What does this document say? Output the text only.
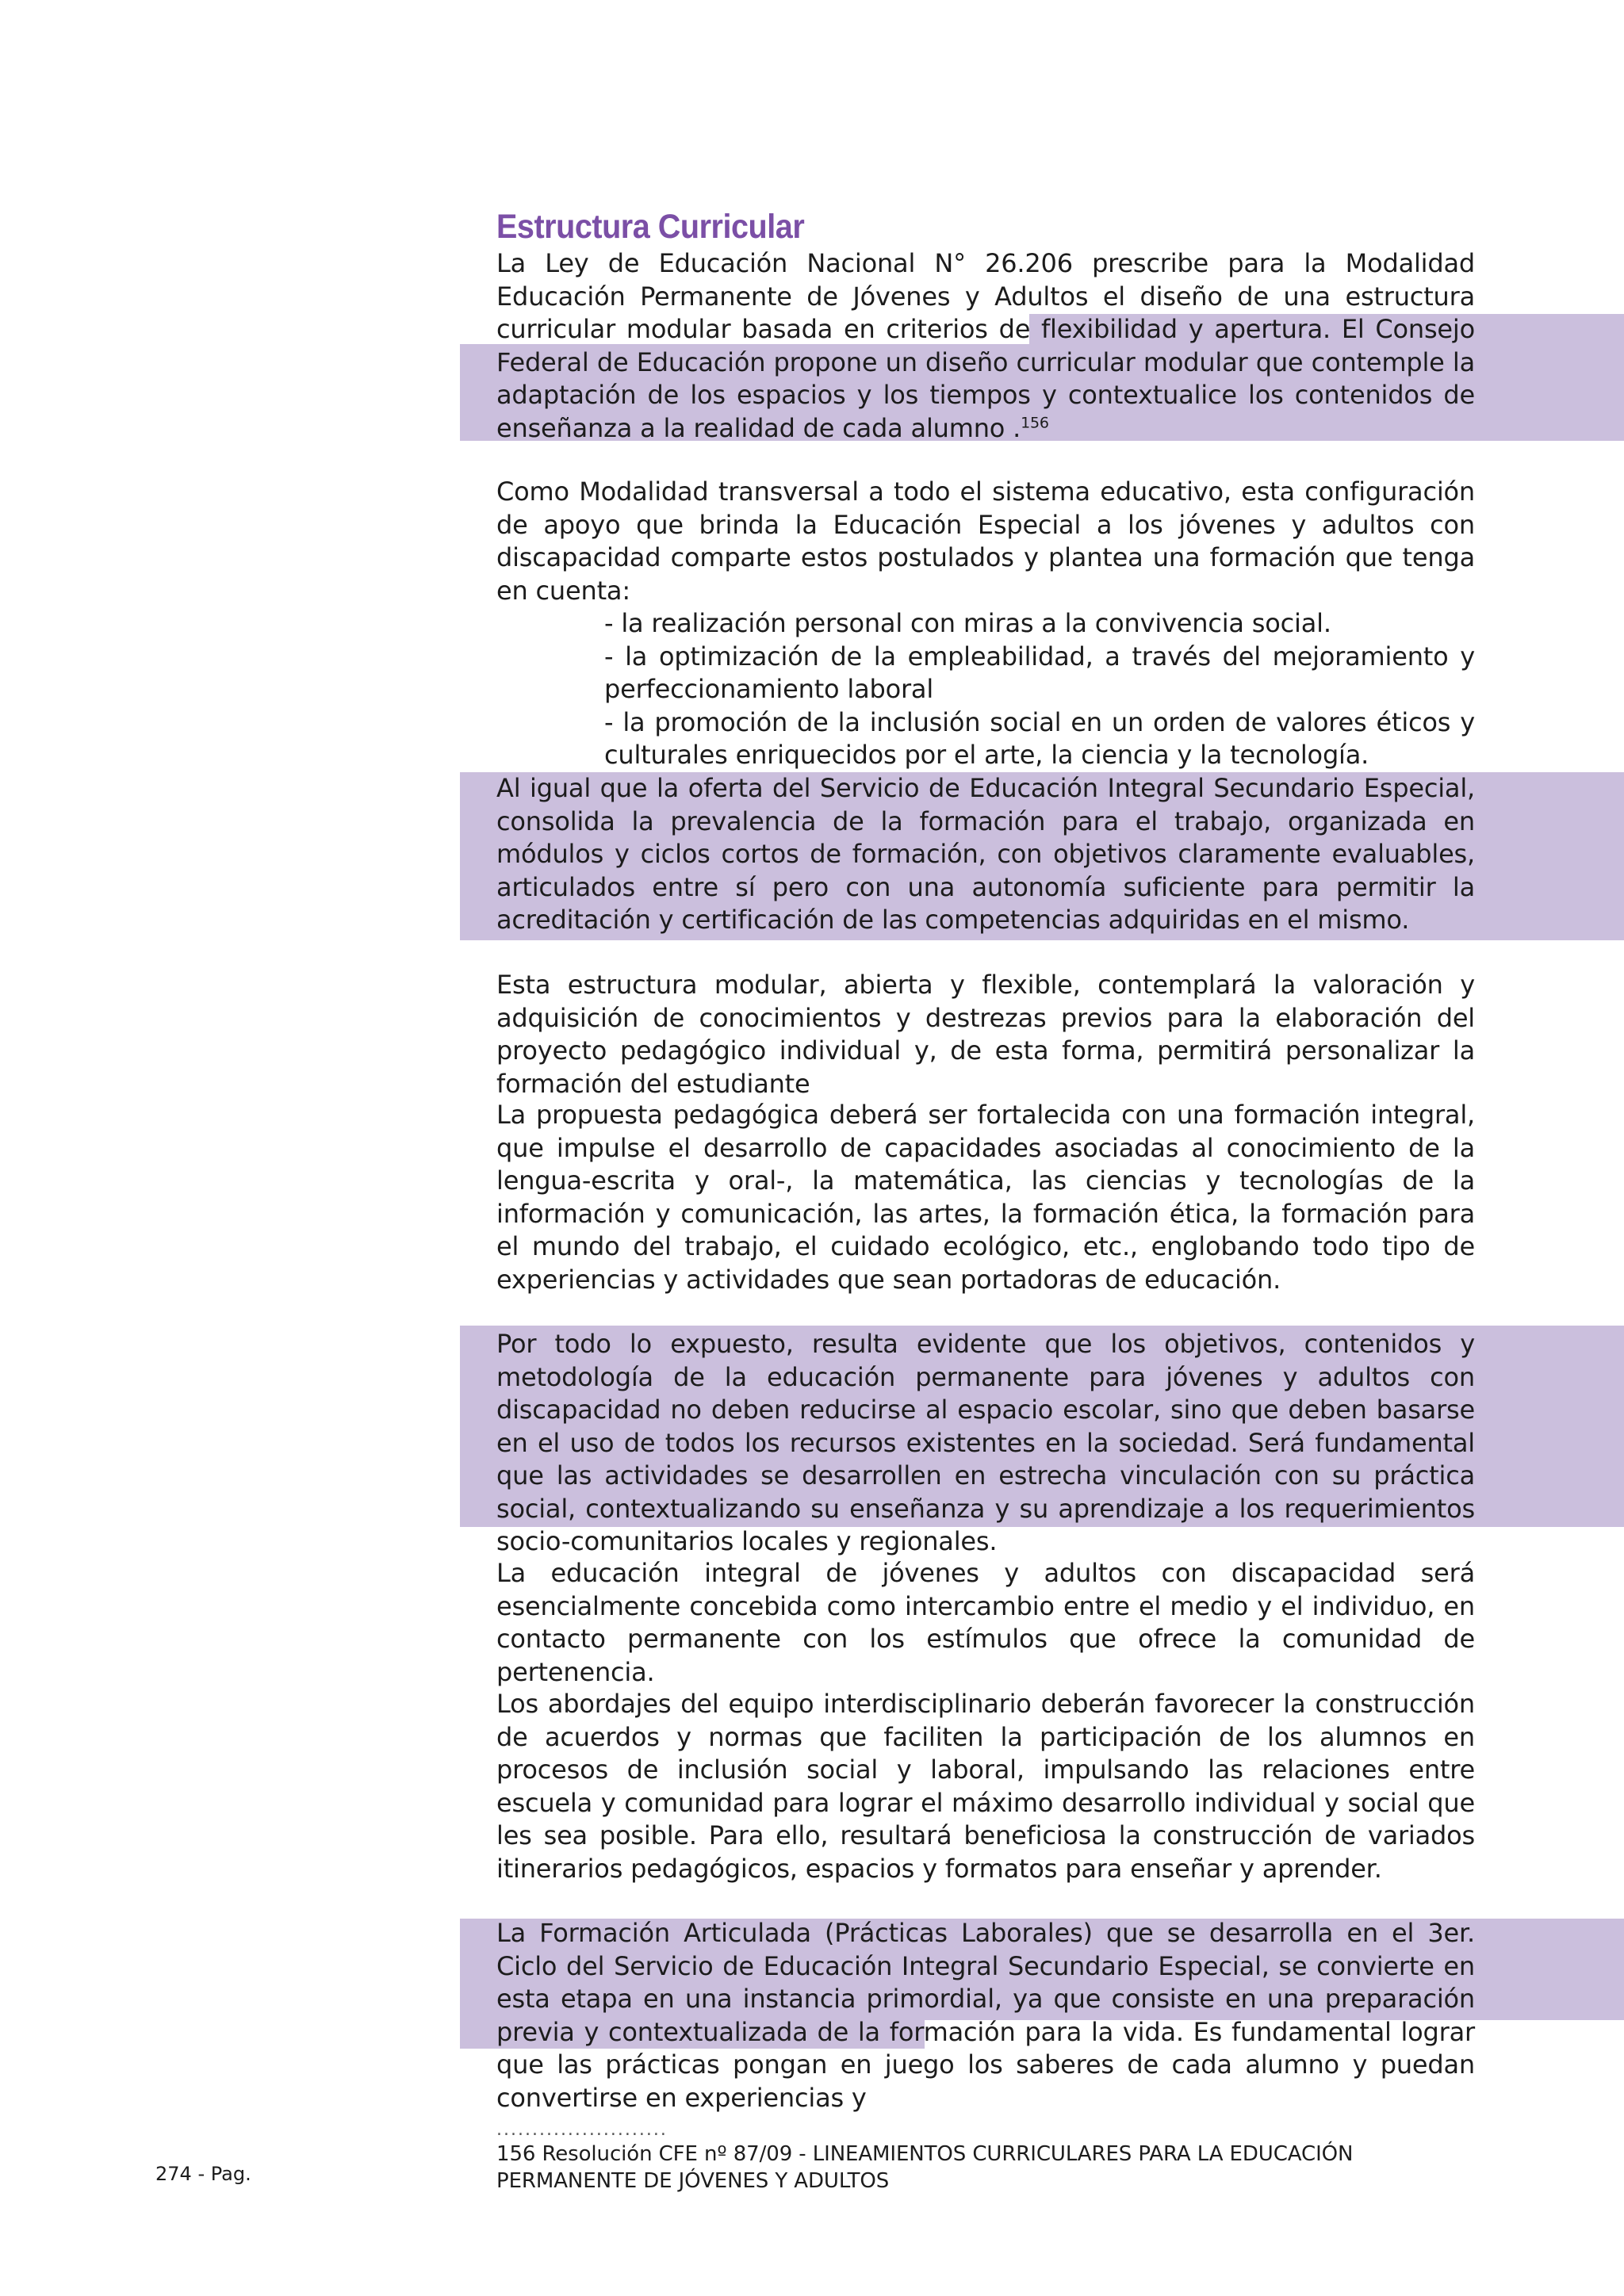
Estructura Curricular

La Ley de Educación Nacional N° 26.206 prescribe para la Modalidad Educación Permanente de Jóvenes y Adultos el diseño de una estructura curricular modular basada en criterios de flexibilidad y apertura. El Consejo Federal de Educación propone un diseño curricular modular que contemple la adaptación de los espacios y los tiempos y contextualice los contenidos de enseñanza a la realidad de cada alumno .$^{156}$

Como Modalidad transversal a todo el sistema educativo, esta configuración de apoyo que brinda la Educación Especial a los jóvenes y adultos con discapacidad comparte estos postulados y plantea una formación que tenga en cuenta:

- la realización personal con miras a la convivencia social.

- la optimización de la empleabilidad, a través del mejoramiento y perfeccionamiento laboral

- la promoción de la inclusión social en un orden de valores éticos y culturales enriquecidos por el arte, la ciencia y la tecnología.

Al igual que la oferta del Servicio de Educación Integral Secundario Especial, consolida la prevalencia de la formación para el trabajo, organizada en módulos y ciclos cortos de formación, con objetivos claramente evaluables, articulados entre sí pero con una autonomía suficiente para permitir la acreditación y certificación de las competencias adquiridas en el mismo.

Esta estructura modular, abierta y flexible, contemplará la valoración y adquisición de conocimientos y destrezas previos para la elaboración del proyecto pedagógico individual y, de esta forma, permitirá personalizar la formación del estudiante

La propuesta pedagógica deberá ser fortalecida con una formación integral, que impulse el desarrollo de capacidades asociadas al conocimiento de la lengua-escrita y oral-, la matemática, las ciencias y tecnologías de la información y comunicación, las artes, la formación ética, la formación para el mundo del trabajo, el cuidado ecológico, etc., englobando todo tipo de experiencias y actividades que sean portadoras de educación.

Por todo lo expuesto, resulta evidente que los objetivos, contenidos y metodología de la educación permanente para jóvenes y adultos con discapacidad no deben reducirse al espacio escolar, sino que deben basarse en el uso de todos los recursos existentes en la sociedad. Será fundamental que las actividades se desarrollen en estrecha vinculación con su práctica social, contextualizando su enseñanza y su aprendizaje a los requerimientos socio-comunitarios locales y regionales.

La educación integral de jóvenes y adultos con discapacidad será esencialmente concebida como intercambio entre el medio y el individuo, en contacto permanente con los estímulos que ofrece la comunidad de pertenencia.

Los abordajes del equipo interdisciplinario deberán favorecer la construcción de acuerdos y normas que faciliten la participación de los alumnos en procesos de inclusión social y laboral, impulsando las relaciones entre escuela y comunidad para lograr el máximo desarrollo individual y social que les sea posible. Para ello, resultará beneficiosa la construcción de variados itinerarios pedagógicos, espacios y formatos para enseñar y aprender.

La Formación Articulada (Prácticas Laborales) que se desarrolla en el 3er. Ciclo del Servicio de Educación Integral Secundario Especial, se convierte en esta etapa en una instancia primordial, ya que consiste en una preparación previa y contextualizada de la formación para la vida. Es fundamental lograr que las prácticas pongan en juego los saberes de cada alumno y puedan convertirse en experiencias y

........................
156 Resolución CFE nº 87/09 - LINEAMIENTOS CURRICULARES PARA LA EDUCACIÓN PERMANENTE DE JÓVENES Y ADULTOS
274 - Pag.
